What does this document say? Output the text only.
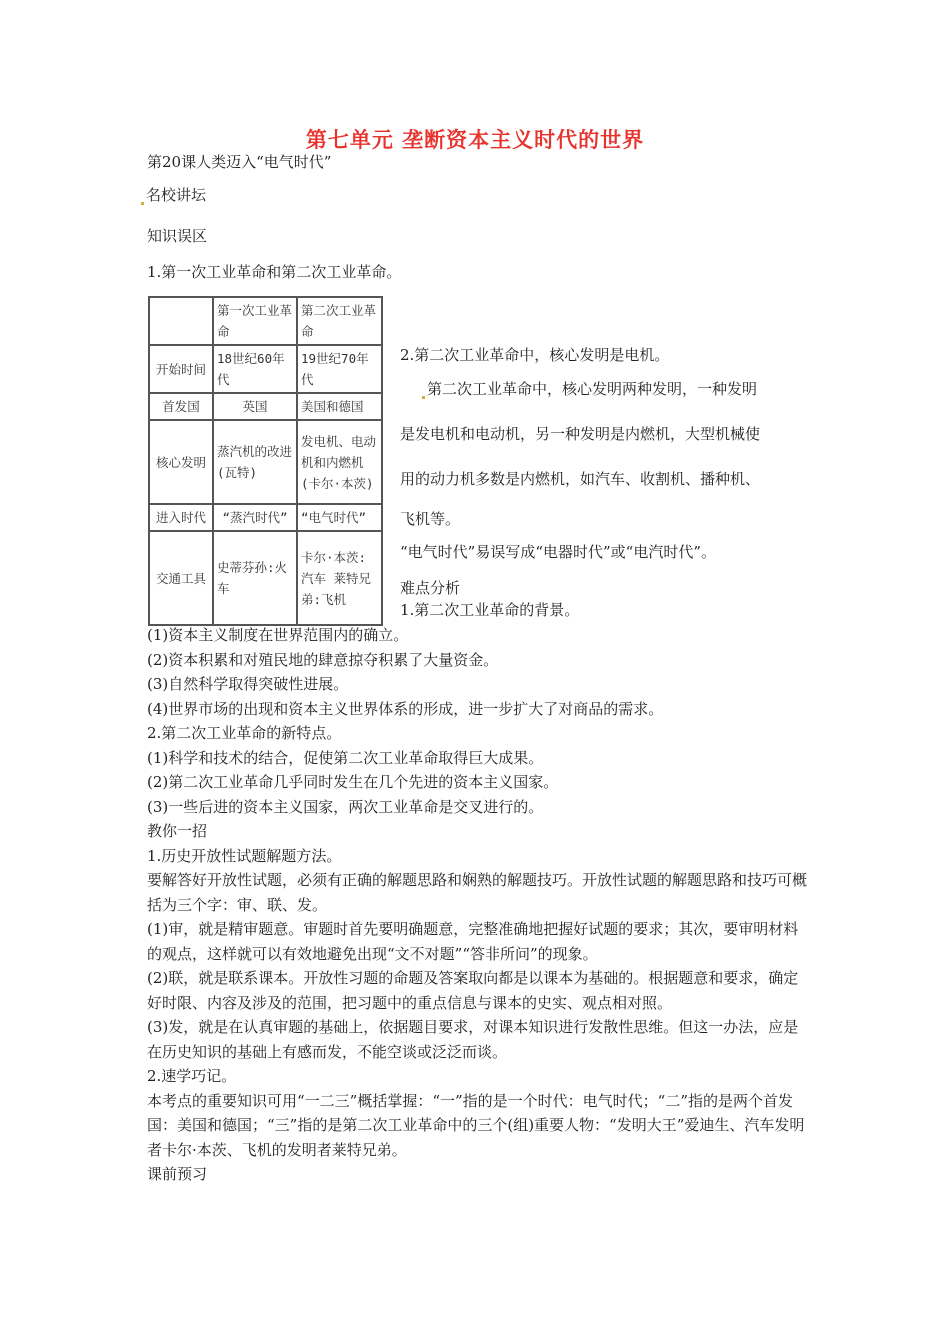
第七单元 垄断资本主义时代的世界
第20课人类迈入“电气时代”
名校讲坛
知识误区
1.第一次工业革命和第二次工业革命。
	第一次工业革命	第二次工业革命
开始时间	18世纪60年代	19世纪70年代
首发国	英国	美国和德国
核心发明	蒸汽机的改进(瓦特)	发电机、电动机和内燃机(卡尔·本茨)
进入时代	“蒸汽时代”	“电气时代”
交通工具	史蒂芬孙:火车	卡尔·本茨:汽车 莱特兄弟:飞机
2.第二次工业革命中，核心发明是电机。
第二次工业革命中，核心发明两种发明，一种发明
是发电机和电动机，另一种发明是内燃机，大型机械使
用的动力机多数是内燃机，如汽车、收割机、播种机、
飞机等。
“电气时代”易误写成“电器时代”或“电汽时代”。
难点分析
1.第二次工业革命的背景。

(1)资本主义制度在世界范围内的确立。

(2)资本积累和对殖民地的肆意掠夺积累了大量资金。

(3)自然科学取得突破性进展。

(4)世界市场的出现和资本主义世界体系的形成，进一步扩大了对商品的需求。

2.第二次工业革命的新特点。

(1)科学和技术的结合，促使第二次工业革命取得巨大成果。

(2)第二次工业革命几乎同时发生在几个先进的资本主义国家。

(3)一些后进的资本主义国家，两次工业革命是交叉进行的。

教你一招

1.历史开放性试题解题方法。

要解答好开放性试题，必须有正确的解题思路和娴熟的解题技巧。开放性试题的解题思路和技巧可概括为三个字：审、联、发。

(1)审，就是精审题意。审题时首先要明确题意，完整准确地把握好试题的要求；其次，要审明材料的观点，这样就可以有效地避免出现“文不对题”“答非所问”的现象。

(2)联，就是联系课本。开放性习题的命题及答案取向都是以课本为基础的。根据题意和要求，确定好时限、内容及涉及的范围，把习题中的重点信息与课本的史实、观点相对照。

(3)发，就是在认真审题的基础上，依据题目要求，对课本知识进行发散性思维。但这一办法，应是在历史知识的基础上有感而发，不能空谈或泛泛而谈。

2.速学巧记。

本考点的重要知识可用“一二三”概括掌握：“一”指的是一个时代：电气时代；“二”指的是两个首发国：美国和德国；“三”指的是第二次工业革命中的三个(组)重要人物：“发明大王”爱迪生、汽车发明者卡尔·本茨、飞机的发明者莱特兄弟。

课前预习
